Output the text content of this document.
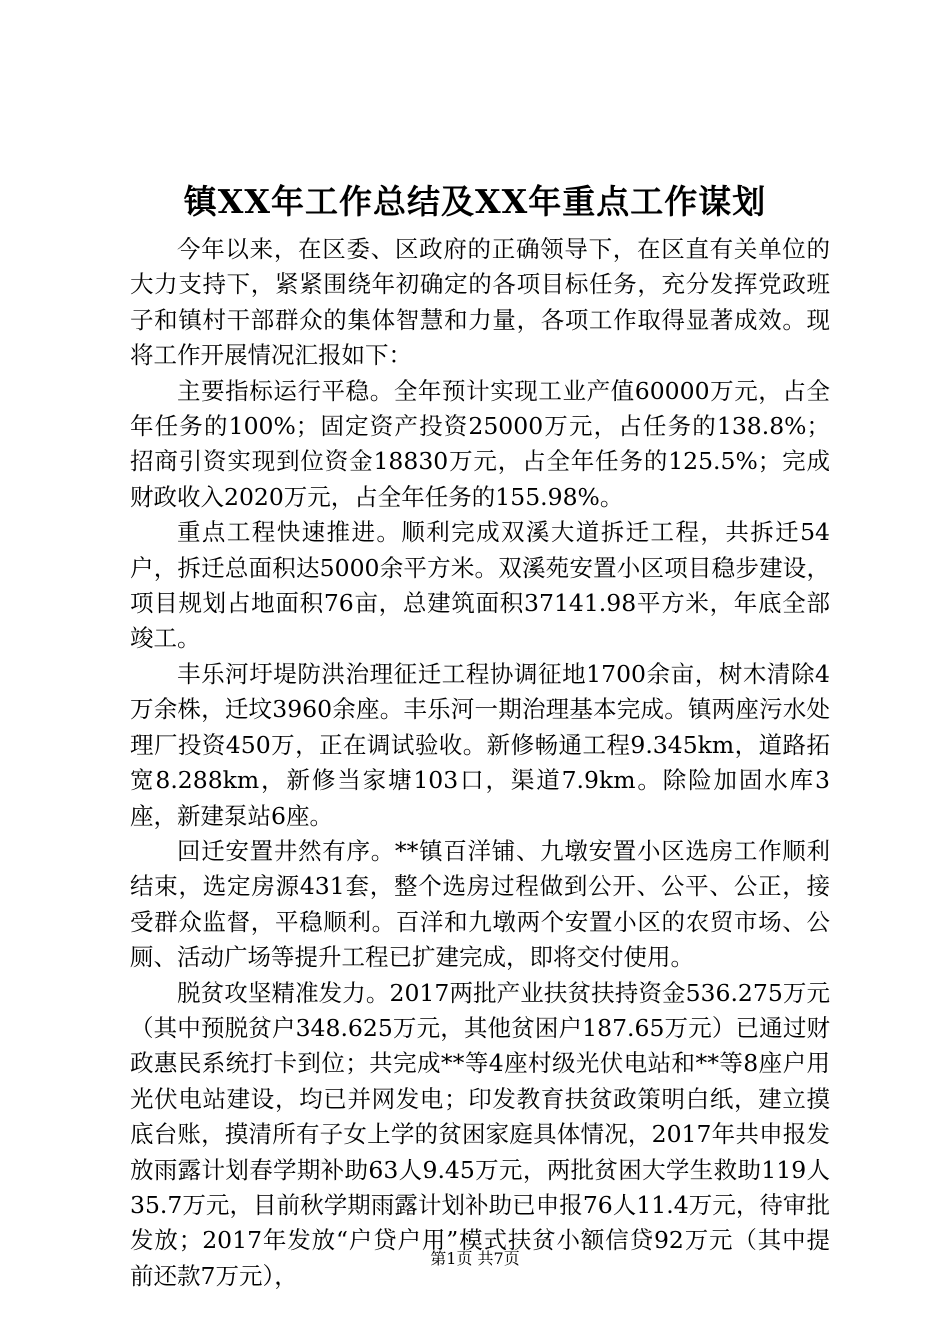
镇XX年工作总结及XX年重点工作谋划

今年以来，在区委、区政府的正确领导下，在区直有关单位的大力支持下，紧紧围绕年初确定的各项目标任务，充分发挥党政班子和镇村干部群众的集体智慧和力量，各项工作取得显著成效。现将工作开展情况汇报如下：

主要指标运行平稳。全年预计实现工业产值60000万元，占全年任务的100%；固定资产投资25000万元，占任务的138.8%；招商引资实现到位资金18830万元，占全年任务的125.5%；完成财政收入2020万元，占全年任务的155.98%。

重点工程快速推进。顺利完成双溪大道拆迁工程，共拆迁54户，拆迁总面积达5000余平方米。双溪苑安置小区项目稳步建设，项目规划占地面积76亩，总建筑面积37141.98平方米，年底全部竣工。

丰乐河圩堤防洪治理征迁工程协调征地1700余亩，树木清除4万余株，迁坟3960余座。丰乐河一期治理基本完成。镇两座污水处理厂投资450万，正在调试验收。新修畅通工程9.345km，道路拓宽8.288km，新修当家塘103口，渠道7.9km。除险加固水库3座，新建泵站6座。

回迁安置井然有序。**镇百洋铺、九墩安置小区选房工作顺利结束，选定房源431套，整个选房过程做到公开、公平、公正，接受群众监督，平稳顺利。百洋和九墩两个安置小区的农贸市场、公厕、活动广场等提升工程已扩建完成，即将交付使用。

脱贫攻坚精准发力。2017两批产业扶贫扶持资金536.275万元（其中预脱贫户348.625万元，其他贫困户187.65万元）已通过财政惠民系统打卡到位；共完成**等4座村级光伏电站和**等8座户用光伏电站建设，均已并网发电；印发教育扶贫政策明白纸，建立摸底台账，摸清所有子女上学的贫困家庭具体情况，2017年共申报发放雨露计划春学期补助63人9.45万元，两批贫困大学生救助119人35.7万元，目前秋学期雨露计划补助已申报76人11.4万元，待审批发放；2017年发放“户贷户用”模式扶贫小额信贷92万元（其中提前还款7万元），

第1页 共7页
